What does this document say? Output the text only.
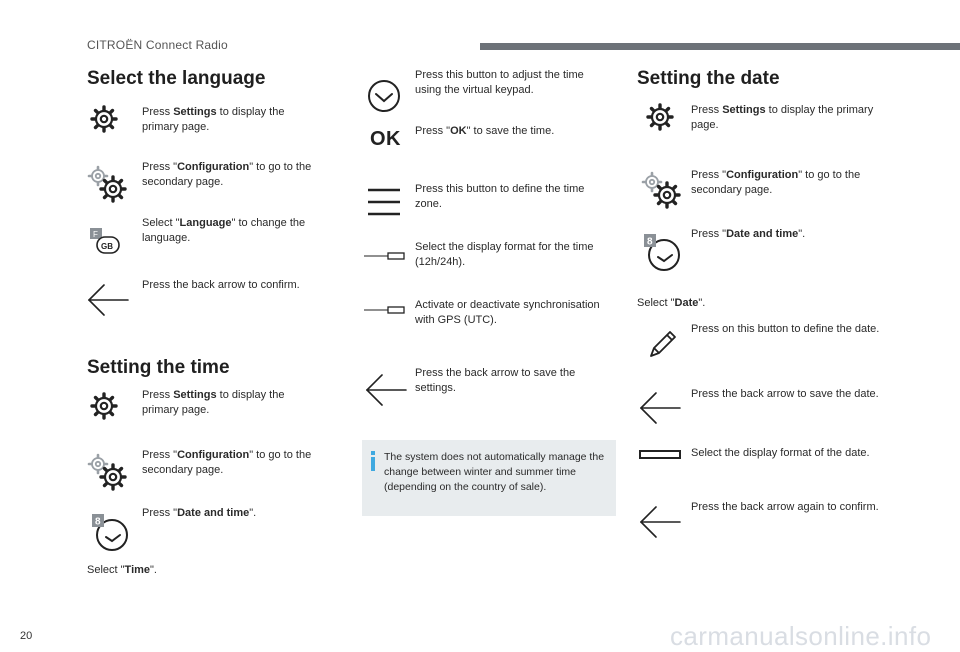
CITROËN Connect Radio
Select the language
Press Settings to display the primary page.
Press "Configuration" to go to the secondary page.
F
GB
Select "Language" to change the language.
Press the back arrow to confirm.
Setting the time
Press Settings to display the primary page.
Press "Configuration" to go to the secondary page.
8
Press "Date and time".
Select "Time".
Press this button to adjust the time using the virtual keypad.
OK Press "OK" to save the time.
Press this button to define the time zone.
Select the display format for the time (12h/24h).
Activate or deactivate synchronisation with GPS (UTC).
Press the back arrow to save the settings.
The system does not automatically manage the change between winter and summer time (depending on the country of sale).
Setting the date
Press Settings to display the primary page.
Press "Configuration" to go to the secondary page.
8
Press "Date and time".
Select "Date".
Press on this button to define the date.
Press the back arrow to save the date.
Select the display format of the date.
Press the back arrow again to confirm.
20	carmanualsonline.info
